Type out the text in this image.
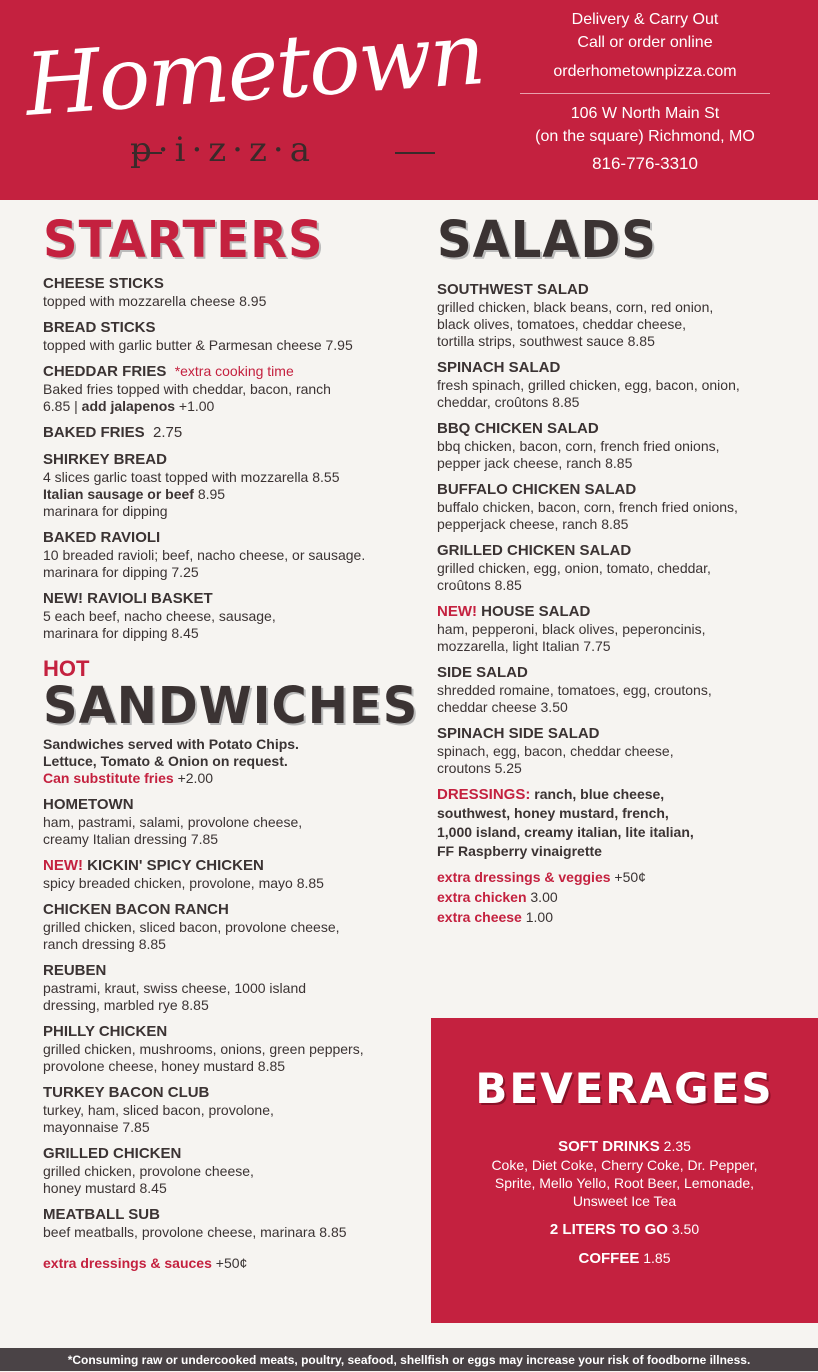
Hometown
p·i·z·z·a
Delivery & Carry Out
Call or order online
orderhometownpizza.com
106 W North Main St
(on the square) Richmond, MO
816-776-3310
STARTERS
CHEESE STICKS
topped with mozzarella cheese 8.95
BREAD STICKS
topped with garlic butter & Parmesan cheese 7.95
CHEDDAR FRIES *extra cooking time
Baked fries topped with cheddar, bacon, ranch
6.85 | add jalapenos +1.00
BAKED FRIES 2.75
SHIRKEY BREAD
4 slices garlic toast topped with mozzarella 8.55
Italian sausage or beef 8.95
marinara for dipping
BAKED RAVIOLI
10 breaded ravioli; beef, nacho cheese, or sausage.
marinara for dipping 7.25
NEW! RAVIOLI BASKET
5 each beef, nacho cheese, sausage,
marinara for dipping 8.45
HOT
SANDWICHES
Sandwiches served with Potato Chips.
Lettuce, Tomato & Onion on request.
Can substitute fries +2.00
HOMETOWN
ham, pastrami, salami, provolone cheese,
creamy Italian dressing 7.85
NEW! KICKIN' SPICY CHICKEN
spicy breaded chicken, provolone, mayo 8.85
CHICKEN BACON RANCH
grilled chicken, sliced bacon, provolone cheese,
ranch dressing 8.85
REUBEN
pastrami, kraut, swiss cheese, 1000 island
dressing, marbled rye 8.85
PHILLY CHICKEN
grilled chicken, mushrooms, onions, green peppers,
provolone cheese, honey mustard 8.85
TURKEY BACON CLUB
turkey, ham, sliced bacon, provolone,
mayonnaise 7.85
GRILLED CHICKEN
grilled chicken, provolone cheese,
honey mustard 8.45
MEATBALL SUB
beef meatballs, provolone cheese, marinara 8.85
extra dressings & sauces +50¢
SALADS
SOUTHWEST SALAD
grilled chicken, black beans, corn, red onion,
black olives, tomatoes, cheddar cheese,
tortilla strips, southwest sauce 8.85
SPINACH SALAD
fresh spinach, grilled chicken, egg, bacon, onion,
cheddar, croûtons 8.85
BBQ CHICKEN SALAD
bbq chicken, bacon, corn, french fried onions,
pepper jack cheese, ranch 8.85
BUFFALO CHICKEN SALAD
buffalo chicken, bacon, corn, french fried onions,
pepperjack cheese, ranch 8.85
GRILLED CHICKEN SALAD
grilled chicken, egg, onion, tomato, cheddar,
croûtons 8.85
NEW! HOUSE SALAD
ham, pepperoni, black olives, peperoncinis,
mozzarella, light Italian 7.75
SIDE SALAD
shredded romaine, tomatoes, egg, croutons,
cheddar cheese 3.50
SPINACH SIDE SALAD
spinach, egg, bacon, cheddar cheese,
croutons 5.25
DRESSINGS: ranch, blue cheese,
southwest, honey mustard, french,
1,000 island, creamy italian, lite italian,
FF Raspberry vinaigrette
extra dressings & veggies +50¢
extra chicken 3.00
extra cheese 1.00
BEVERAGES
SOFT DRINKS 2.35
Coke, Diet Coke, Cherry Coke, Dr. Pepper,
Sprite, Mello Yello, Root Beer, Lemonade,
Unsweet Ice Tea
2 LITERS TO GO 3.50
COFFEE 1.85
*Consuming raw or undercooked meats, poultry, seafood, shellfish or eggs may increase your risk of foodborne illness.
